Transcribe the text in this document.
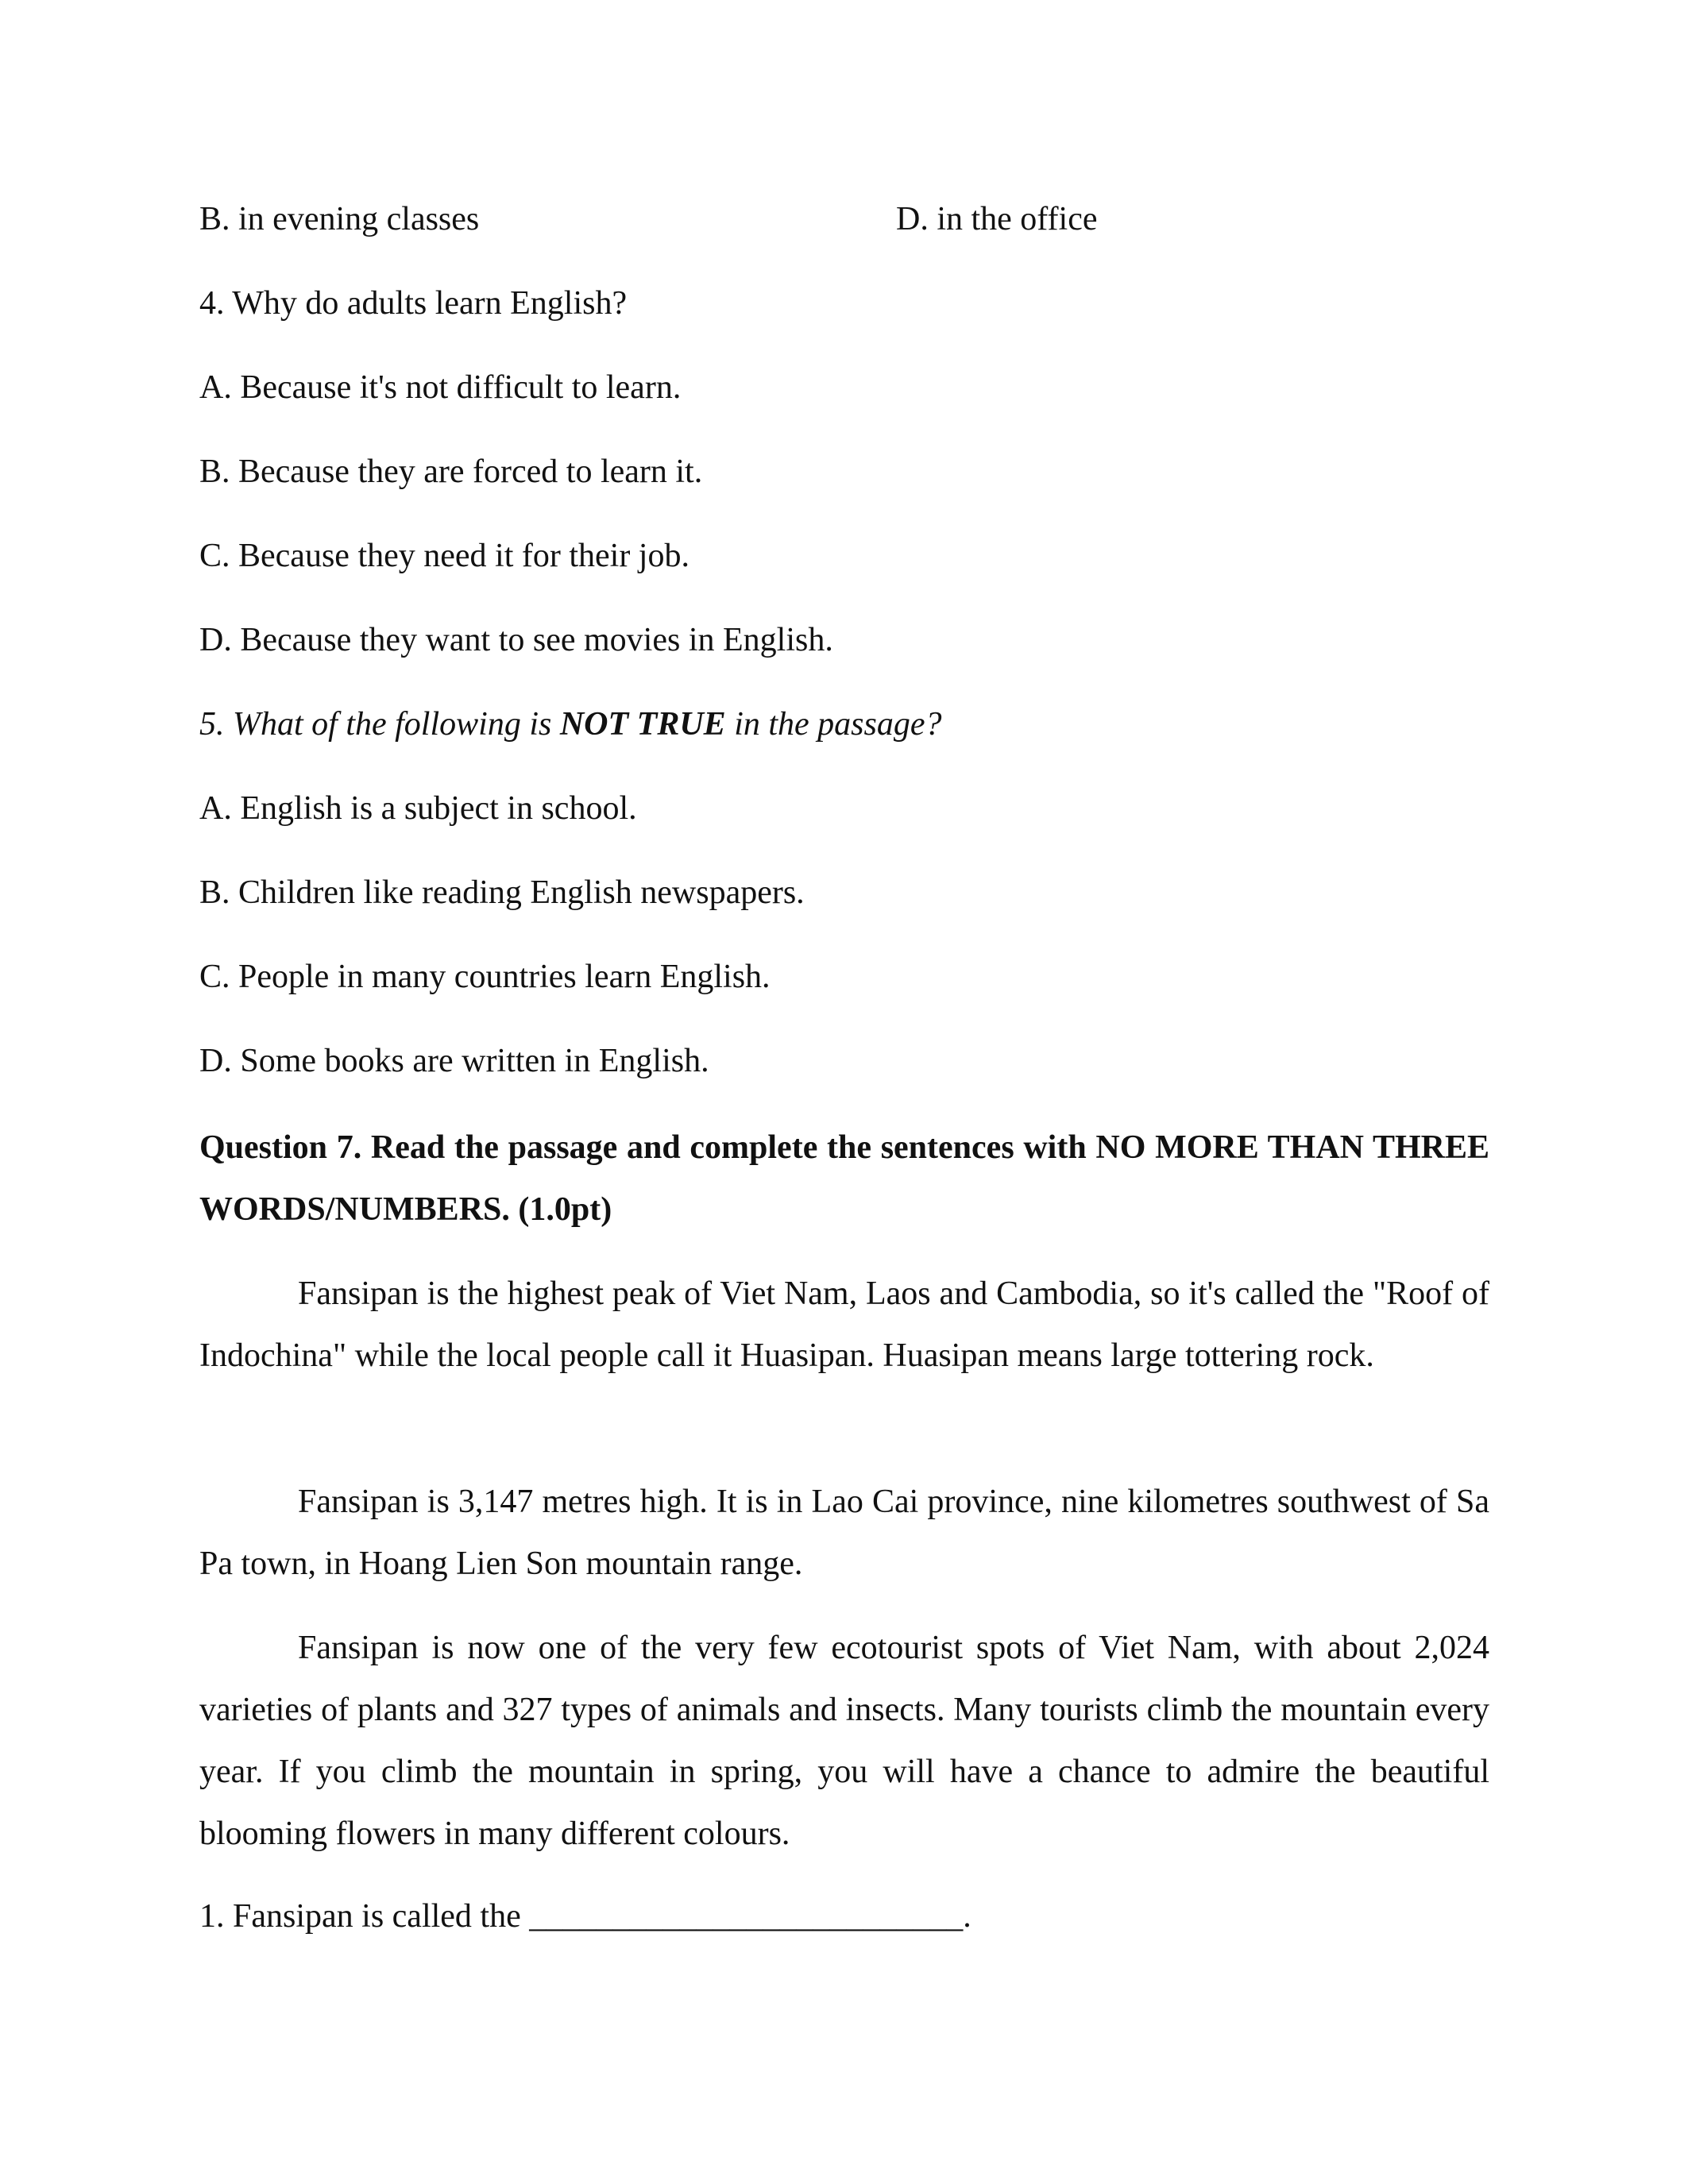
B. in evening classes	D. in the office
4. Why do adults learn English?
A. Because it's not difficult to learn.
B. Because they are forced to learn it.
C. Because they need it for their job.
D. Because they want to see movies in English.
5. What of the following is NOT TRUE in the passage?
A. English is a subject in school.
B. Children like reading English newspapers.
C. People in many countries learn English.
D. Some books are written in English.
Question 7. Read the passage and complete the sentences with NO MORE THAN THREE WORDS/NUMBERS. (1.0pt)
Fansipan is the highest peak of Viet Nam, Laos and Cambodia, so it's called the "Roof of Indochina" while the local people call it Huasipan. Huasipan means large tottering rock.
Fansipan is 3,147 metres high. It is in Lao Cai province, nine kilometres southwest of Sa Pa town, in Hoang Lien Son mountain range.
Fansipan is now one of the very few ecotourist spots of Viet Nam, with about 2,024 varieties of plants and 327 types of animals and insects. Many tourists climb the mountain every year. If you climb the mountain in spring, you will have a chance to admire the beautiful blooming flowers in many different colours.
1. Fansipan is called the __________________________.
